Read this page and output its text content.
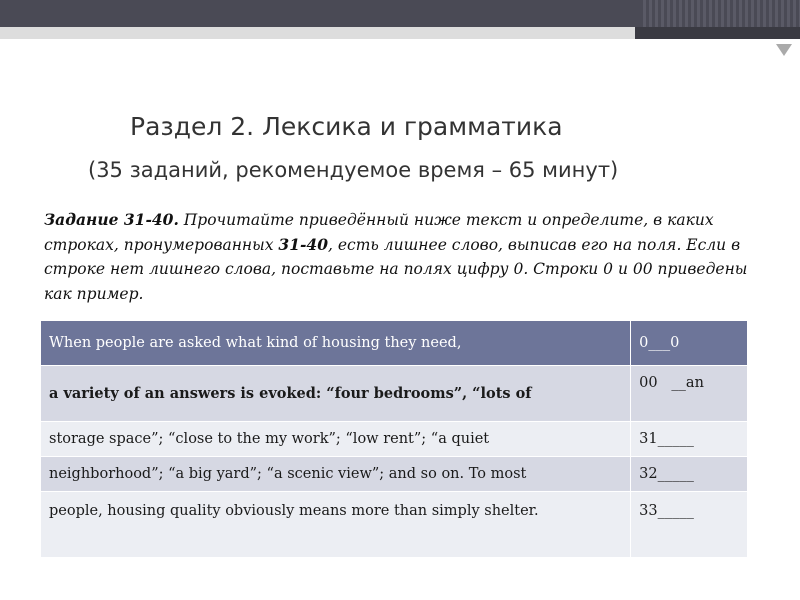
Раздел 2. Лексика и грамматика
(35 заданий, рекомендуемое время – 65 минут)
Задание 31-40. Прочитайте приведённый ниже текст и определите, в каких строках, пронумерованных 31-40, есть лишнее слово, выписав его на поля. Если в строке нет лишнего слова, поставьте на полях цифру 0. Строки 0 и 00 приведены как пример.
When people are asked what kind of housing they need,	0___0
a variety of an answers is evoked: “four bedrooms”, “lots of	00   __an
storage space”; “close to the my work”; “low rent”; “a quiet	31_____
neighborhood”; “a big yard”; “a scenic view”; and so on. To most	32_____
people, housing quality obviously means more than simply shelter.	33_____
